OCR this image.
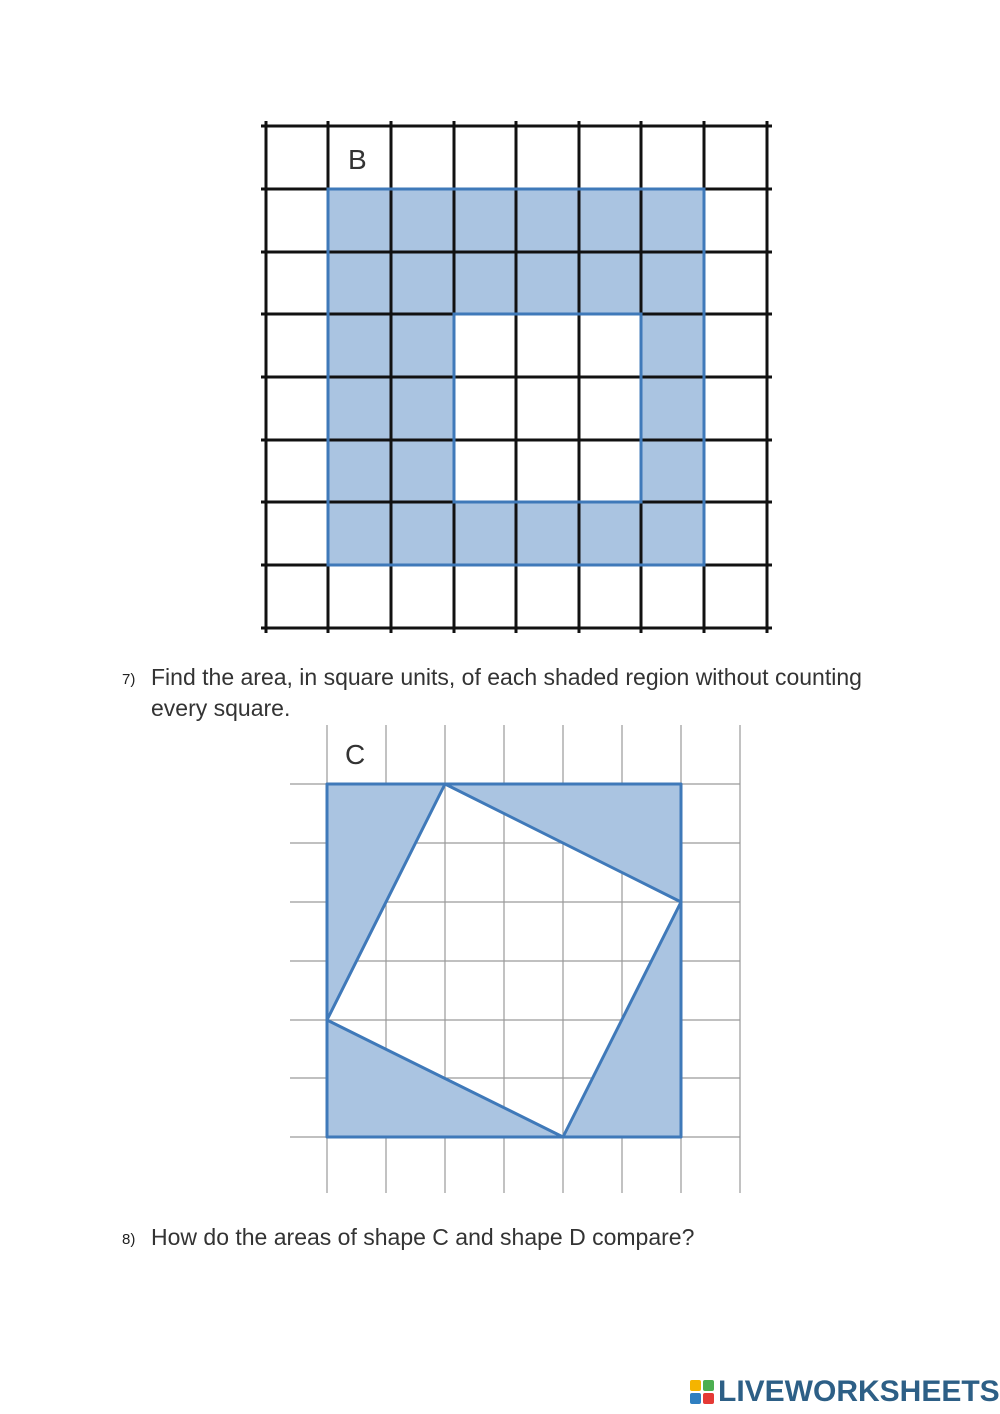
B
7) Find the area, in square units, of each shaded region without counting every square.
C
8) How do the areas of shape C and shape D compare?
LIVEWORKSHEETS
